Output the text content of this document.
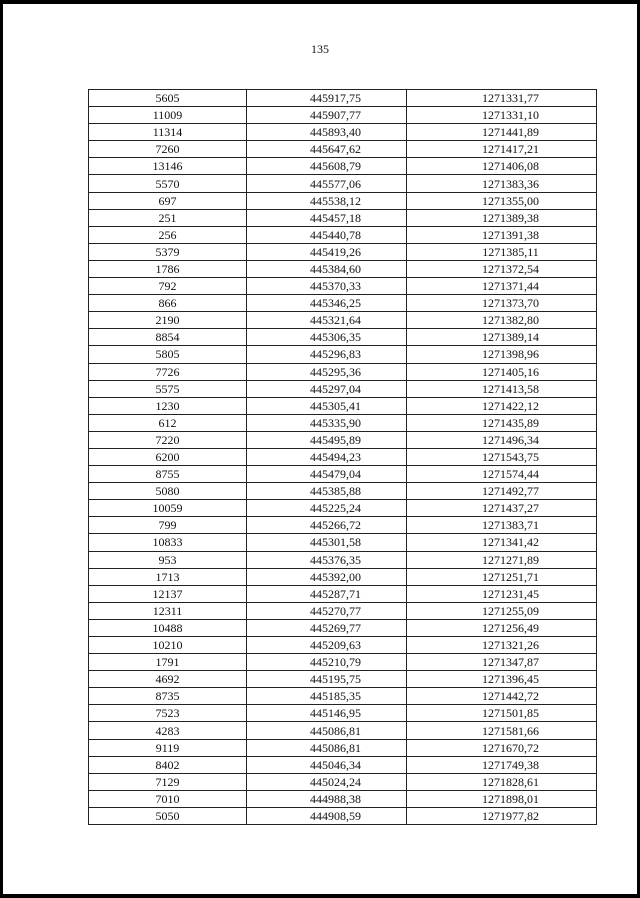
135
5605	445917,75	1271331,77
11009	445907,77	1271331,10
11314	445893,40	1271441,89
7260	445647,62	1271417,21
13146	445608,79	1271406,08
5570	445577,06	1271383,36
697	445538,12	1271355,00
251	445457,18	1271389,38
256	445440,78	1271391,38
5379	445419,26	1271385,11
1786	445384,60	1271372,54
792	445370,33	1271371,44
866	445346,25	1271373,70
2190	445321,64	1271382,80
8854	445306,35	1271389,14
5805	445296,83	1271398,96
7726	445295,36	1271405,16
5575	445297,04	1271413,58
1230	445305,41	1271422,12
612	445335,90	1271435,89
7220	445495,89	1271496,34
6200	445494,23	1271543,75
8755	445479,04	1271574,44
5080	445385,88	1271492,77
10059	445225,24	1271437,27
799	445266,72	1271383,71
10833	445301,58	1271341,42
953	445376,35	1271271,89
1713	445392,00	1271251,71
12137	445287,71	1271231,45
12311	445270,77	1271255,09
10488	445269,77	1271256,49
10210	445209,63	1271321,26
1791	445210,79	1271347,87
4692	445195,75	1271396,45
8735	445185,35	1271442,72
7523	445146,95	1271501,85
4283	445086,81	1271581,66
9119	445086,81	1271670,72
8402	445046,34	1271749,38
7129	445024,24	1271828,61
7010	444988,38	1271898,01
5050	444908,59	1271977,82
